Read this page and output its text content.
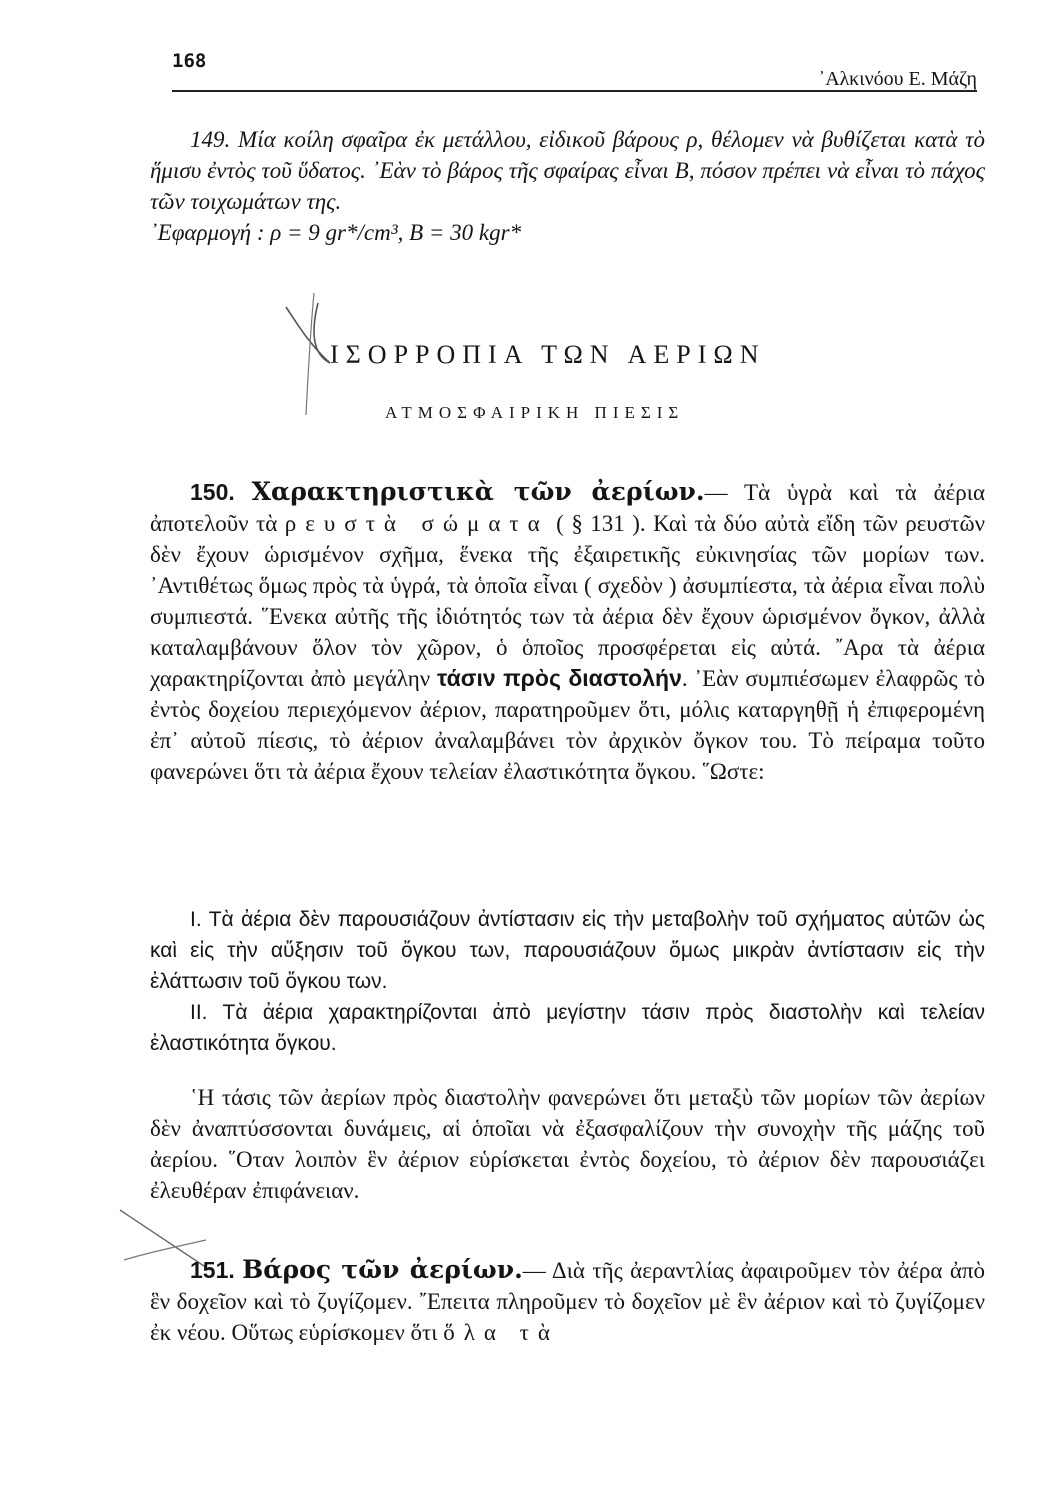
168
᾿Αλκινόου Ε. Μάζη

149. Μία κοίλη σφαῖρα ἐκ μετάλλου, εἰδικοῦ βάρους ρ, θέλομεν νὰ βυθίζεται κατὰ τὸ ἥμισυ ἐντὸς τοῦ ὕδατος. ᾿Εὰν τὸ βάρος τῆς σφαίρας εἶναι Β, πόσον πρέπει νὰ εἶναι τὸ πάχος τῶν τοιχωμάτων της.

᾿Εφαρμογή : ρ = 9 gr*/cm³, Β = 30 kgr*

ΙΣΟΡΡΟΠΙΑ ΤΩΝ ΑΕΡΙΩΝ
ΑΤΜΟΣΦΑΙΡΙΚΗ ΠΙΕΣΙΣ

150. Χαρακτηριστικὰ τῶν ἀερίων.— Τὰ ὑγρὰ καὶ τὰ ἀέρια ἀποτελοῦν τὰ ρευστὰ σώματα ( § 131 ). Καὶ τὰ δύο αὐτὰ εἴδη τῶν ρευστῶν δὲν ἔχουν ὡρισμένον σχῆμα, ἕνεκα τῆς ἐξαιρετικῆς εὐκινησίας τῶν μορίων των. ᾿Αντιθέτως ὅμως πρὸς τὰ ὑγρά, τὰ ὁποῖα εἶναι ( σχεδὸν ) ἀσυμπίεστα, τὰ ἀέρια εἶναι πολὺ συμπιεστά. ῞Ενεκα αὐτῆς τῆς ἰδιότητός των τὰ ἀέρια δὲν ἔχουν ὡρισμένον ὄγκον, ἀλλὰ καταλαμβάνουν ὅλον τὸν χῶρον, ὁ ὁποῖος προσφέρεται εἰς αὐτά. ῎Αρα τὰ ἀέρια χαρακτηρίζονται ἀπὸ μεγάλην τάσιν πρὸς διαστολήν. ᾿Εὰν συμπιέσωμεν ἐλαφρῶς τὸ ἐντὸς δοχείου περιεχόμενον ἀέριον, παρατηροῦμεν ὅτι, μόλις καταργηθῇ ἡ ἐπιφερομένη ἐπ᾿ αὐτοῦ πίεσις, τὸ ἀέριον ἀναλαμβάνει τὸν ἀρχικὸν ὄγκον του. Τὸ πείραμα τοῦτο φανερώνει ὅτι τὰ ἀέρια ἔχουν τελείαν ἐλαστικότητα ὄγκου. ῞Ωστε:

Ι. Τὰ ἀέρια δὲν παρουσιάζουν ἀντίστασιν εἰς τὴν μεταβολὴν τοῦ σχήματος αὐτῶν ὡς καὶ εἰς τὴν αὔξησιν τοῦ ὄγκου των, παρουσιάζουν ὅμως μικρὰν ἀντίστασιν εἰς τὴν ἐλάττωσιν τοῦ ὄγκου των.

ΙΙ. Τὰ ἀέρια χαρακτηρίζονται ἀπὸ μεγίστην τάσιν πρὸς διαστολὴν καὶ τελείαν ἐλαστικότητα ὄγκου.

῾Η τάσις τῶν ἀερίων πρὸς διαστολὴν φανερώνει ὅτι μεταξὺ τῶν μορίων τῶν ἀερίων δὲν ἀναπτύσσονται δυνάμεις, αἱ ὁποῖαι νὰ ἐξασφαλίζουν τὴν συνοχὴν τῆς μάζης τοῦ ἀερίου. ῞Οταν λοιπὸν ἓν ἀέριον εὑρίσκεται ἐντὸς δοχείου, τὸ ἀέριον δὲν παρουσιάζει ἐλευθέραν ἐπιφάνειαν.

151. Βάρος τῶν ἀερίων.— Διὰ τῆς ἀεραντλίας ἀφαιροῦμεν τὸν ἀέρα ἀπὸ ἓν δοχεῖον καὶ τὸ ζυγίζομεν. ῎Επειτα πληροῦμεν τὸ δοχεῖον μὲ ἓν ἀέριον καὶ τὸ ζυγίζομεν ἐκ νέου. Οὕτως εὑρίσκομεν ὅτι ὅλα τὰ
